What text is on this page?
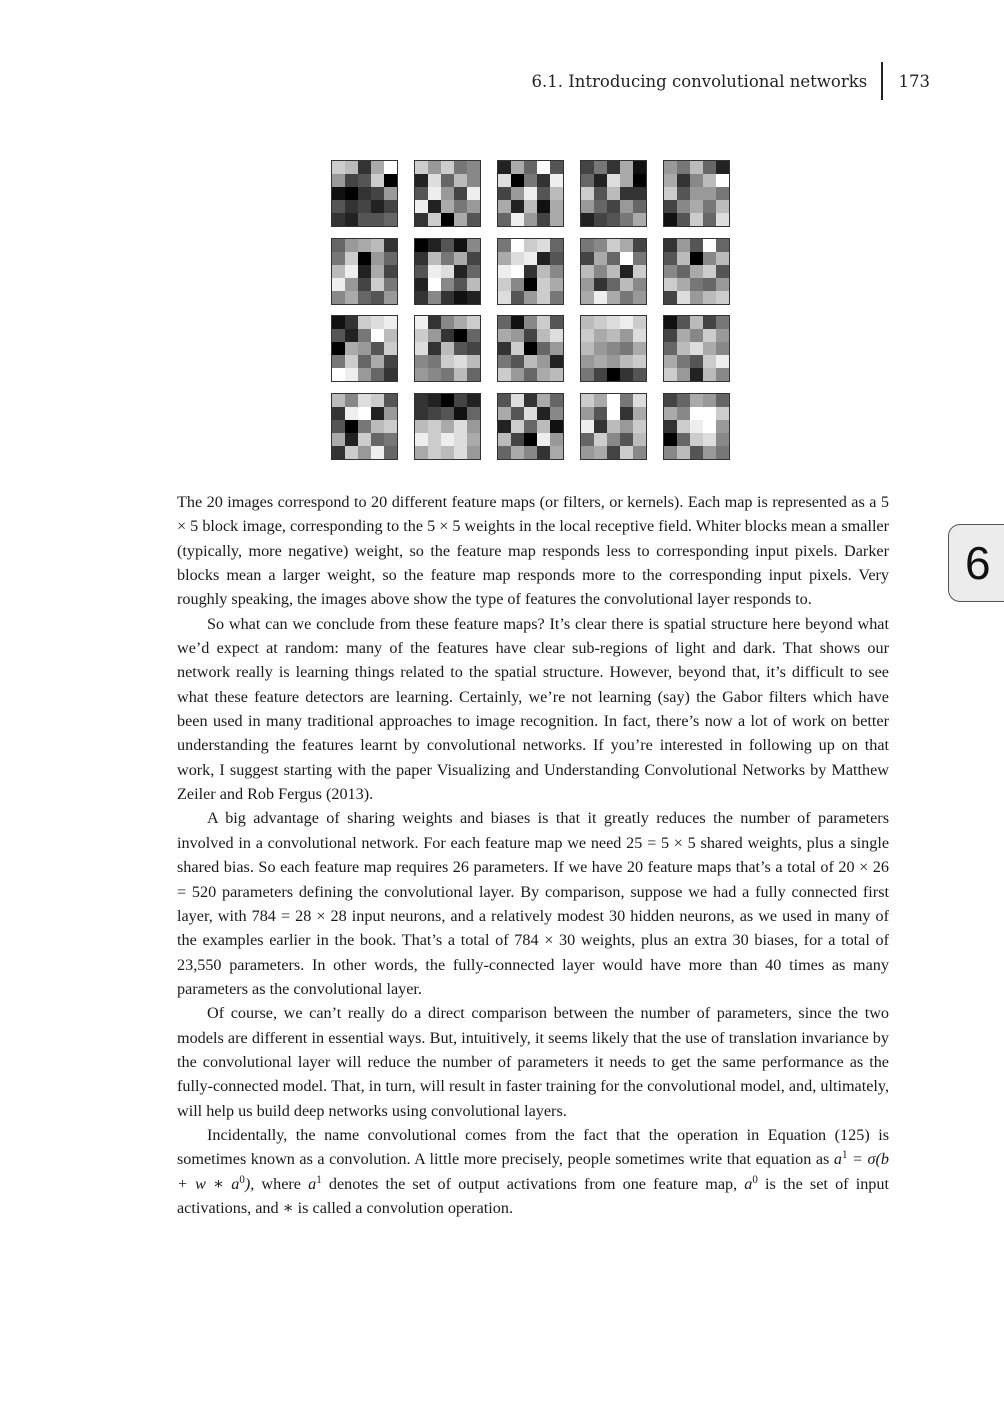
6.1. Introducing convolutional networks	173
6

The 20 images correspond to 20 different feature maps (or filters, or kernels). Each map is represented as a 5 × 5 block image, corresponding to the 5 × 5 weights in the local receptive field. Whiter blocks mean a smaller (typically, more negative) weight, so the feature map responds less to corresponding input pixels. Darker blocks mean a larger weight, so the feature map responds more to the corresponding input pixels. Very roughly speaking, the images above show the type of features the convolutional layer responds to.

So what can we conclude from these feature maps? It’s clear there is spatial structure here beyond what we’d expect at random: many of the features have clear sub-regions of light and dark. That shows our network really is learning things related to the spatial structure. However, beyond that, it’s difficult to see what these feature detectors are learning. Certainly, we’re not learning (say) the Gabor filters which have been used in many traditional approaches to image recognition. In fact, there’s now a lot of work on better understanding the features learnt by convolutional networks. If you’re interested in following up on that work, I suggest starting with the paper Visualizing and Understanding Convolutional Networks by Matthew Zeiler and Rob Fergus (2013).

A big advantage of sharing weights and biases is that it greatly reduces the number of parameters involved in a convolutional network. For each feature map we need 25 = 5 × 5 shared weights, plus a single shared bias. So each feature map requires 26 parameters. If we have 20 feature maps that’s a total of 20 × 26 = 520 parameters defining the convolutional layer. By comparison, suppose we had a fully connected first layer, with 784 = 28 × 28 input neurons, and a relatively modest 30 hidden neurons, as we used in many of the examples earlier in the book. That’s a total of 784 × 30 weights, plus an extra 30 biases, for a total of 23,550 parameters. In other words, the fully-connected layer would have more than 40 times as many parameters as the convolutional layer.

Of course, we can’t really do a direct comparison between the number of parameters, since the two models are different in essential ways. But, intuitively, it seems likely that the use of translation invariance by the convolutional layer will reduce the number of parameters it needs to get the same performance as the fully-connected model. That, in turn, will result in faster training for the convolutional model, and, ultimately, will help us build deep networks using convolutional layers.

Incidentally, the name convolutional comes from the fact that the operation in Equation (125) is sometimes known as a convolution. A little more precisely, people sometimes write that equation as $a^1 = \sigma(b + w$ ∗ $a^0$), where $a^1$ denotes the set of output activations from one feature map, $a^0$ is the set of input activations, and ∗ is called a convolution operation.
